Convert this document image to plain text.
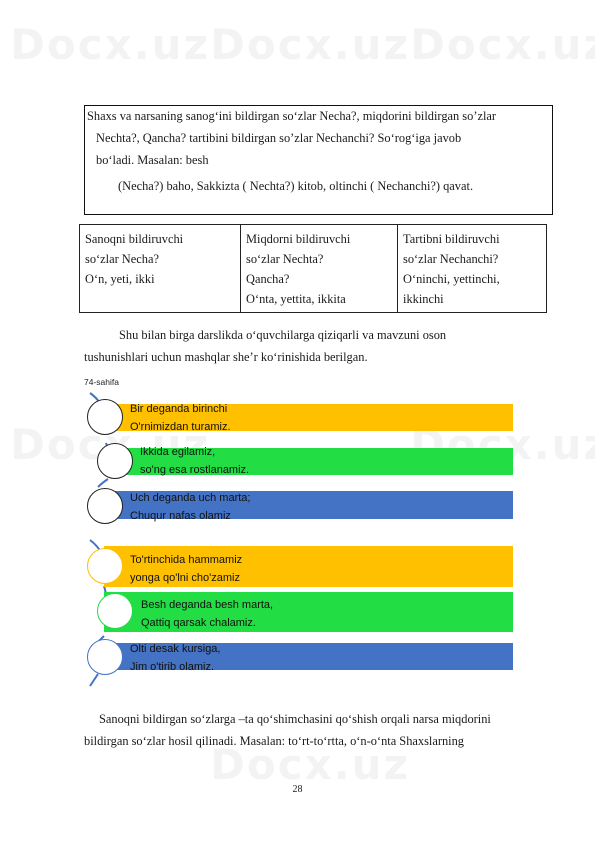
Shaxs va narsaning sanog‘ini bildirgan so‘zlar Necha?, miqdorini bildirgan so’zlar
Nechta?, Qancha? tartibini bildirgan so’zlar Nechanchi? So‘rog‘iga javob
bo‘ladi. Masalan: besh
(Necha?) baho, Sakkizta ( Nechta?) kitob, oltinchi ( Nechanchi?) qavat.
Sanoqni bildiruvchi
so‘zlar Necha?
O‘n, yeti, ikki

Miqdorni bildiruvchi
so‘zlar Nechta?
Qancha?
O‘nta, yettita, ikkita

Tartibni bildiruvchi
so‘zlar Nechanchi?
O‘ninchi, yettinchi,
ikkinchi
Shu bilan birga darslikda o‘quvchilarga qiziqarli va mavzuni oson
tushunishlari uchun mashqlar she’r ko‘rinishida berilgan.
74-sahifa
Bir deganda birinchi
O'rnimizdan turamiz.
Ikkida egilamiz,
so'ng esa rostlanamiz.
Uch deganda uch marta;
Chuqur nafas olamiz
To'rtinchida hammamiz
yonga qo'lni cho'zamiz
Besh deganda besh marta,
Qattiq qarsak chalamiz.
Olti desak kursiga,
Jim o'tirib olamiz.
Sanoqni bildirgan so‘zlarga –ta qo‘shimchasini qo‘shish orqali narsa miqdorini
bildirgan so‘zlar hosil qilinadi. Masalan: to‘rt-to‘rtta, o‘n-o‘nta Shaxslarning
28
